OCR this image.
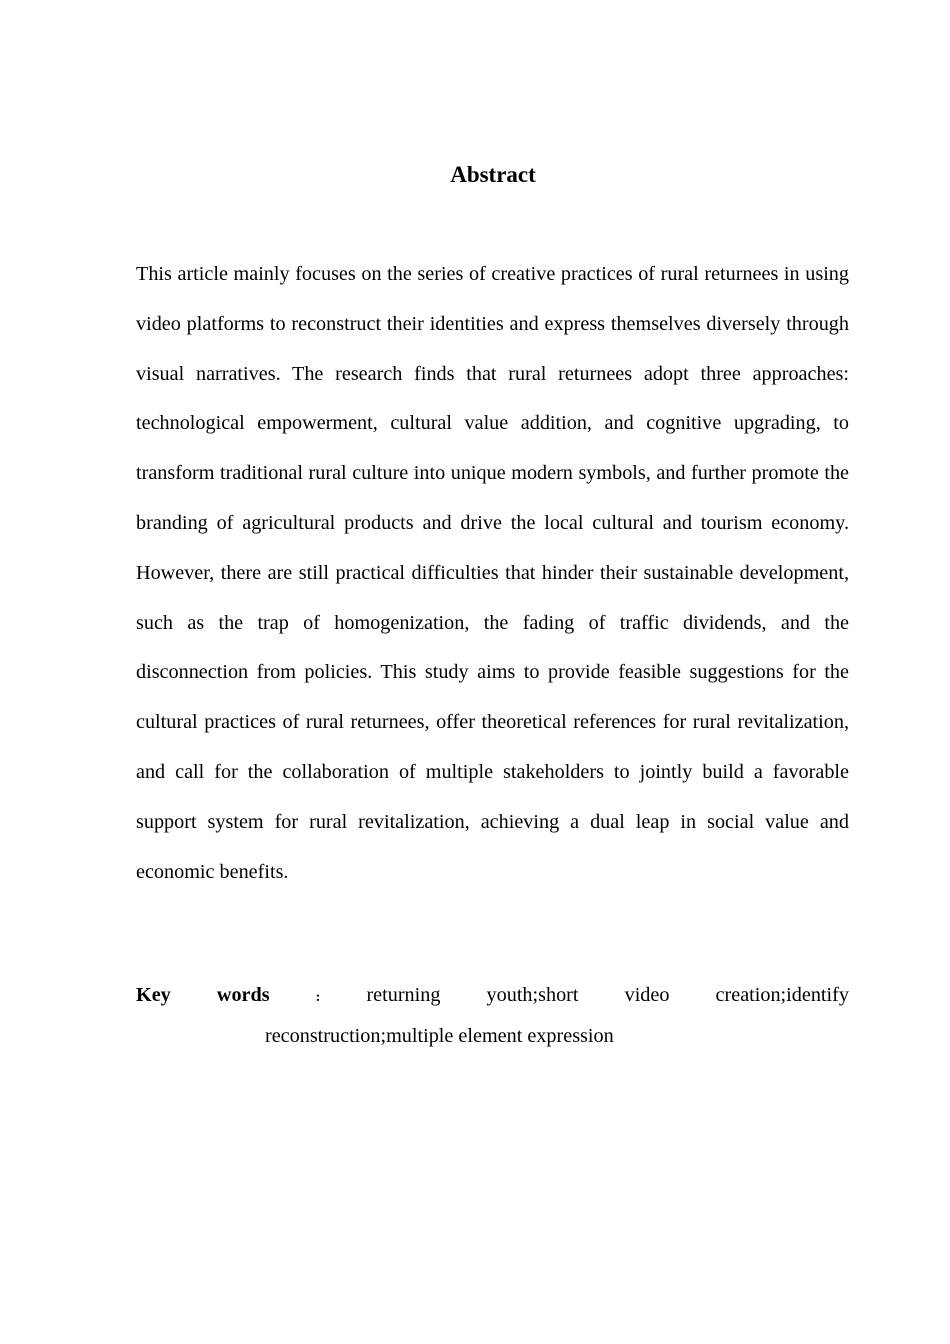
Abstract

This article mainly focuses on the series of creative practices of rural returnees in using video platforms to reconstruct their identities and express themselves diversely through visual narratives. The research finds that rural returnees adopt three approaches: technological empowerment, cultural value addition, and cognitive upgrading, to transform traditional rural culture into unique modern symbols, and further promote the branding of agricultural products and drive the local cultural and tourism economy. However, there are still practical difficulties that hinder their sustainable development, such as the trap of homogenization, the fading of traffic dividends, and the disconnection from policies. This study aims to provide feasible suggestions for the cultural practices of rural returnees, offer theoretical references for rural revitalization, and call for the collaboration of multiple stakeholders to jointly build a favorable support system for rural revitalization, achieving a dual leap in social value and economic benefits.

Key words	: returning youth;short video creation;identify
reconstruction;multiple element expression
